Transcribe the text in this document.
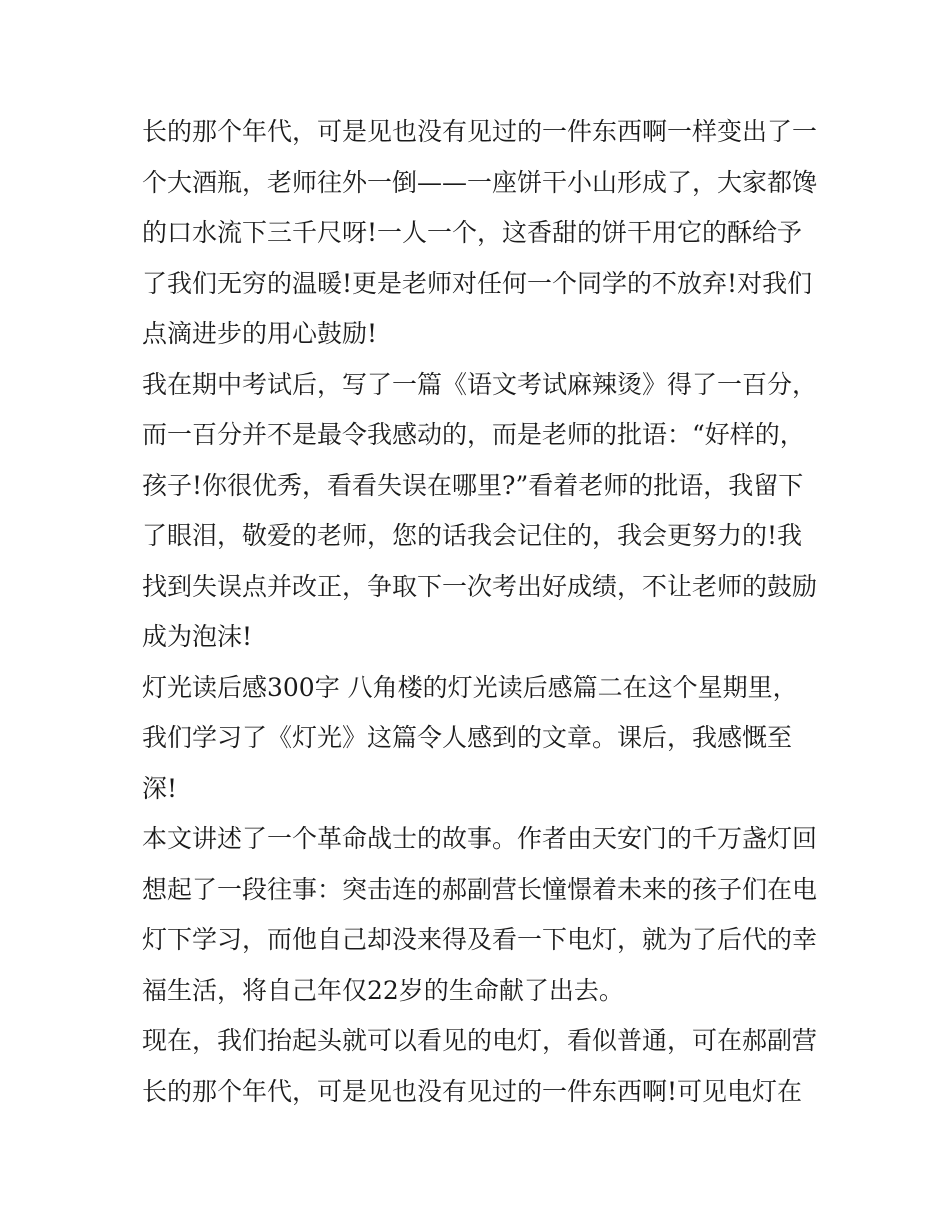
长的那个年代，可是见也没有见过的一件东西啊一样变出了一
个大酒瓶，老师往外一倒——一座饼干小山形成了，大家都馋
的口水流下三千尺呀!一人一个，这香甜的饼干用它的酥给予
了我们无穷的温暖!更是老师对任何一个同学的不放弃!对我们
点滴进步的用心鼓励!
我在期中考试后，写了一篇《语文考试麻辣烫》得了一百分，
而一百分并不是最令我感动的，而是老师的批语：“好样的，
孩子!你很优秀，看看失误在哪里?”看着老师的批语，我留下
了眼泪，敬爱的老师，您的话我会记住的，我会更努力的!我
找到失误点并改正，争取下一次考出好成绩，不让老师的鼓励
成为泡沫!
灯光读后感300字 八角楼的灯光读后感篇二在这个星期里，
我们学习了《灯光》这篇令人感到的文章。课后，我感慨至
深!
本文讲述了一个革命战士的故事。作者由天安门的千万盏灯回
想起了一段往事：突击连的郝副营长憧憬着未来的孩子们在电
灯下学习，而他自己却没来得及看一下电灯，就为了后代的幸
福生活，将自己年仅22岁的生命献了出去。
现在，我们抬起头就可以看见的电灯，看似普通，可在郝副营
长的那个年代，可是见也没有见过的一件东西啊!可见电灯在
